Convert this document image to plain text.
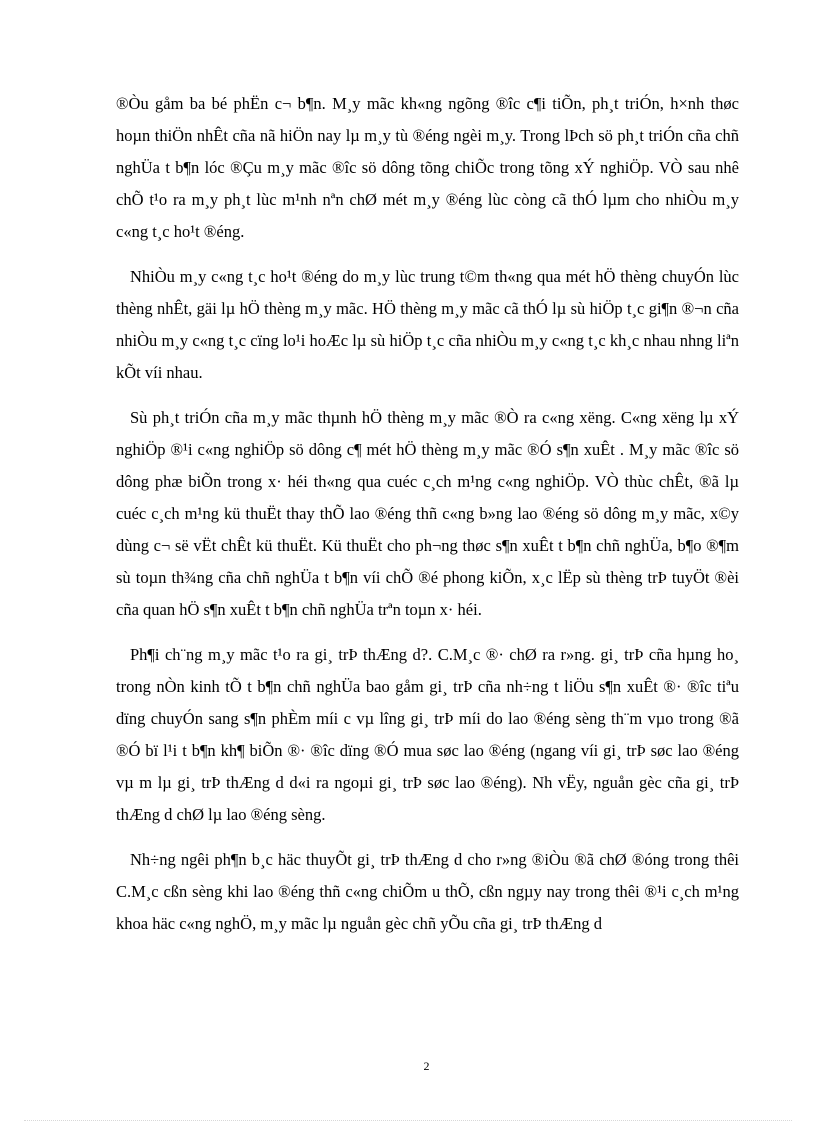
®Òu gåm ba bé phËn c¬ b¶n. M¸y mãc kh«ng ngõng ®îc c¶i tiÕn, ph¸t triÓn, h×nh thøc hoµn thiÖn nhÊt cña nã hiÖn nay lµ m¸y tù ®éng ngèi m¸y. Trong lÞch sö ph¸t triÓn cña chñ nghÜa t b¶n lóc ®Çu m¸y mãc ®îc sö dông tõng chiÕc trong tõng xÝ nghiÖp. VÒ sau nhê chÕ t¹o ra m¸y ph¸t lùc m¹nh nªn chØ mét m¸y ®éng lùc còng cã thÓ lµm cho nhiÒu m¸y c«ng t¸c ho¹t ®éng.

NhiÒu m¸y c«ng t¸c ho¹t ®éng do m¸y lùc trung t©m th«ng qua mét hÖ thèng chuyÓn lùc thèng nhÊt, gäi lµ hÖ thèng m¸y mãc. HÖ thèng m¸y mãc cã thÓ lµ sù hiÖp t¸c gi¶n ®¬n cña nhiÒu m¸y c«ng t¸c cïng lo¹i hoÆc lµ sù hiÖp t¸c cña nhiÒu m¸y c«ng t¸c kh¸c nhau nhng liªn kÕt víi nhau.

Sù ph¸t triÓn cña m¸y mãc thµnh hÖ thèng m¸y mãc ®Ò ra c«ng xëng. C«ng xëng lµ xÝ nghiÖp ®¹i c«ng nghiÖp sö dông c¶ mét hÖ thèng m¸y mãc ®Ó s¶n xuÊt . M¸y mãc ®îc sö dông phæ biÕn trong x· héi th«ng qua cuéc c¸ch m¹ng c«ng nghiÖp. VÒ thùc chÊt, ®ã lµ cuéc c¸ch m¹ng kü thuËt thay thÕ lao ®éng thñ c«ng b»ng lao ®éng sö dông m¸y mãc, x©y dùng c¬ së vËt chÊt kü thuËt. Kü thuËt cho ph¬ng thøc s¶n xuÊt t b¶n chñ nghÜa, b¶o ®¶m sù toµn th¾ng cña chñ nghÜa t b¶n víi chÕ ®é phong kiÕn, x¸c lËp sù thèng trÞ tuyÖt ®èi cña quan hÖ s¶n xuÊt t b¶n chñ nghÜa trªn toµn x· héi.

Ph¶i ch¨ng m¸y mãc t¹o ra gi¸ trÞ thÆng d?. C.M¸c ®· chØ ra r»ng. gi¸ trÞ cña hµng ho¸ trong nÒn kinh tÕ t b¶n chñ nghÜa bao gåm gi¸ trÞ cña nh÷ng t liÖu s¶n xuÊt ®· ®îc tiªu dïng chuyÓn sang s¶n phÈm míi c vµ lîng gi¸ trÞ míi do lao ®éng sèng th¨m vµo trong ®ã ®Ó bï l¹i t b¶n kh¶ biÕn ®· ®îc dïng ®Ó mua søc lao ®éng (ngang víi gi¸ trÞ søc lao ®éng vµ m lµ gi¸ trÞ thÆng d d«i ra ngoµi gi¸ trÞ søc lao ®éng). Nh vËy, nguån gèc cña gi¸ trÞ thÆng d chØ lµ lao ®éng sèng.

Nh÷ng ngêi ph¶n b¸c häc thuyÕt gi¸ trÞ thÆng d cho r»ng ®iÒu ®ã chØ ®óng trong thêi C.M¸c cßn sèng khi lao ®éng thñ c«ng chiÕm u thÕ, cßn ngµy nay trong thêi ®¹i c¸ch m¹ng khoa häc c«ng nghÖ, m¸y mãc lµ nguån gèc chñ yÕu cña gi¸ trÞ thÆng d

2
